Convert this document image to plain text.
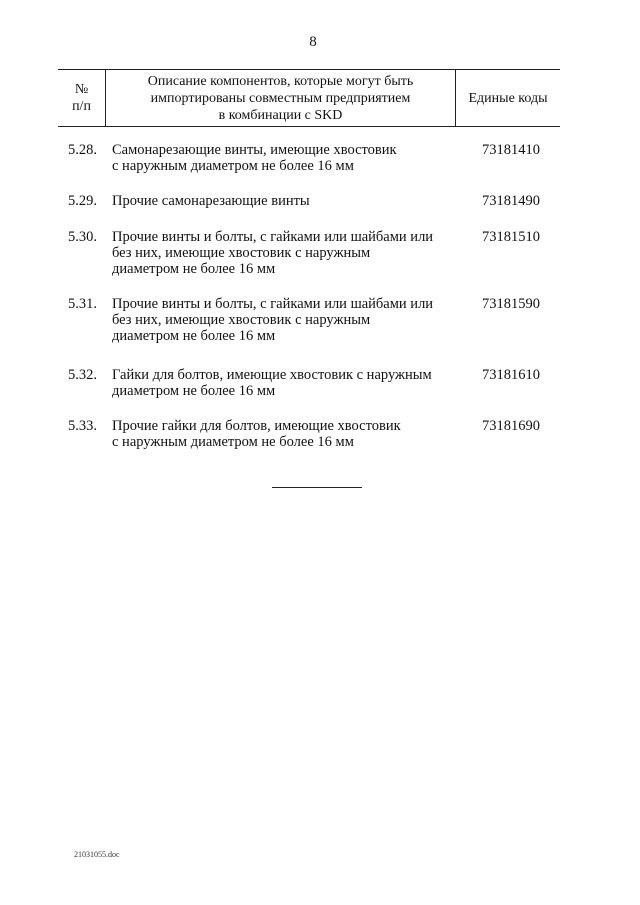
8
№
п/п
Описание компонентов, которые могут быть
импортированы совместным предприятием
в комбинации с SKD
Единые коды
5.28. Самонарезающие винты, имеющие хвостовик
с наружным диаметром не более 16 мм
73181410
5.29. Прочие самонарезающие винты	73181490
5.30. Прочие винты и болты, с гайками или шайбами или
без них, имеющие хвостовик с наружным
диаметром не более 16 мм
73181510
5.31. Прочие винты и болты, с гайками или шайбами или
без них, имеющие хвостовик с наружным
диаметром не более 16 мм
73181590
5.32. Гайки для болтов, имеющие хвостовик с наружным
диаметром не более 16 мм
73181610
5.33. Прочие гайки для болтов, имеющие хвостовик
с наружным диаметром не более 16 мм
73181690
21031055.doc
